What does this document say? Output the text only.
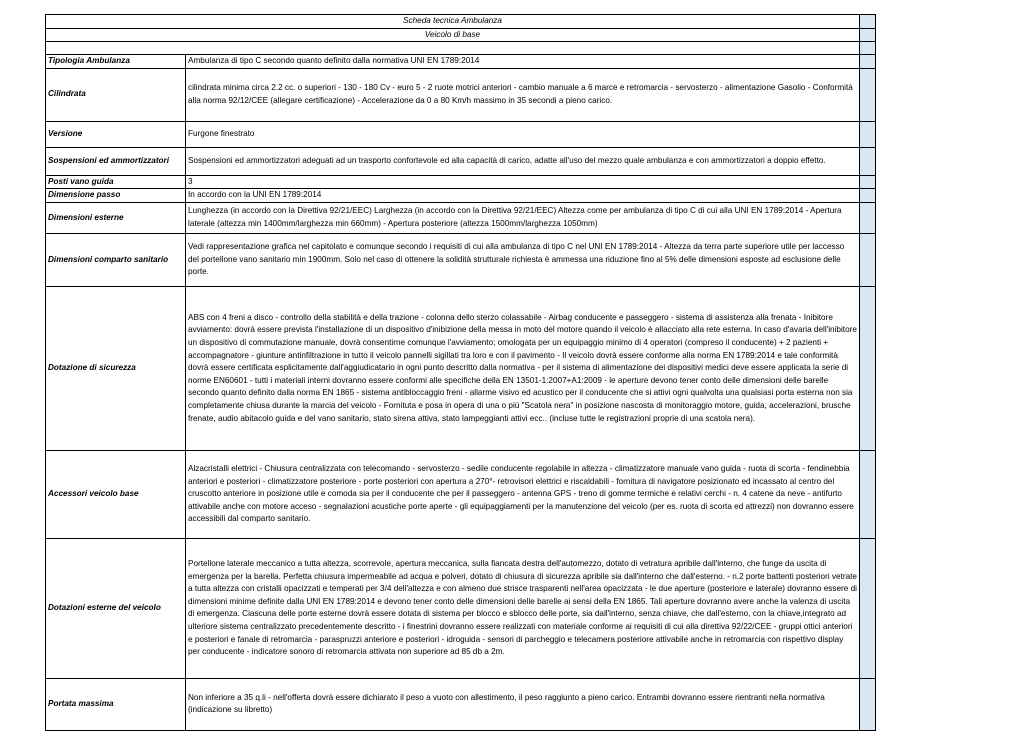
Scheda tecnica Ambulanza		
Veicolo di base		

Tipologia Ambulanza	Ambulanza di tipo C secondo quanto definito dalla normativa UNI EN 1789:2014	
Cilindrata	cilindrata minima circa 2.2 cc. o superiori - 130 - 180 Cv - euro 5 - 2 ruote motrici anteriori - cambio manuale a 6 marce e retromarcia - servosterzo - alimentazione Gasolio - Conformità alla norma 92/12/CEE (allegare certificazione) - Accelerazione da 0 a 80 Km/h massimo in 35 secondi a pieno carico.	
Versione	Furgone finestrato	
Sospensioni ed ammortizzatori	Sospensioni ed ammortizzatori adeguati ad un trasporto confortevole ed alla capacità di carico, adatte all'uso del mezzo quale ambulanza e con ammortizzatori a doppio effetto.	
Posti vano guida	3	
Dimensione passo	In accordo con la UNI EN 1789:2014	
Dimensioni esterne	Lunghezza (in accordo con la Direttiva 92/21/EEC) Larghezza (in accordo con la Direttiva 92/21/EEC) Altezza come per ambulanza di tipo C di cui alla UNI EN 1789:2014 - Apertura laterale (altezza min 1400mm/larghezza min 660mm) - Apertura posteriore (altezza 1500mm/larghezza 1050mm)	
Dimensioni comparto sanitario	Vedi rappresentazione grafica nel capitolato e comunque secondo i requisiti di cui alla ambulanza di tipo C nel UNI EN 1789:2014 - Altezza da terra parte superiore utile per laccesso del portellone vano sanitario min 1900mm. Solo nel caso di ottenere la solidità strutturale richiesta è ammessa una riduzione fino al 5% delle dimensioni esposte ad esclusione delle porte.	
Dotazione di sicurezza	ABS con 4 freni a disco - controllo della stabilità e della trazione - colonna dello sterzo colassabile - Airbag conducente e passeggero - sistema di assistenza alla frenata - Inibitore avviamento: dovrà essere prevista l'installazione di un dispositivo d'inibizione della messa in moto del motore quando il veicolo è allacciato alla rete esterna. In caso d'avaria dell'inibitore un dispositivo di commutazione manuale, dovrà consentirne comunque l'avviamento; omologata per un equipaggio minimo di 4 operatori (compreso il conducente) + 2 pazienti + accompagnatore - giunture antinfiltrazione in tutto il veicolo pannelli sigillati tra loro e con il pavimento - Il veicolo dovrà essere conforme alla norma EN 1789:2014 e tale conformità dovrà essere certificata esplicitamente dall'aggiudicatario in ogni punto descritto dalla normativa - per il sistema di alimentazione dei dispositivi medici deve essere applicata la serie di norme EN60601 - tutti i materiali interni dovranno essere conformi alle specifiche della EN 13501-1:2007+A1:2009 - le aperture devono tener conto delle dimensioni delle barelle secondo quanto definito dalla norma EN 1865 - sistema antibloccaggio freni - allarme visivo ed acustico per il conducente che si attivi ogni qualvolta una qualsiasi porta esterna non sia completamente chiusa durante la marcia del veicolo - Fornituta e posa in opera di una o più "Scatola nera" in posizione nascosta di monitoraggio motore, guida, accelerazioni, brusche frenate, audio abitacolo guida e del vano sanitario, stato sirena attiva, stato lampeggianti attivi ecc.. (incluse tutte le registrazioni proprie di una scatola nera).	
Accessori veicolo base	Alzacristalli elettrici - Chiusura centralizzata con telecomando - servosterzo - sedile conducente regolabile in altezza - climatizzatore manuale vano guida - ruota di scorta - fendinebbia anteriori e posteriori - climatizzatore posteriore - porte posteriori con apertura a 270°- retrovisori elettrici e riscaldabili - fornitura di navigatore posizionato ed incassato al centro del cruscotto anteriore in posizione utile e comoda sia per il conducente che per il passeggero - antenna GPS - treno di gomme termiche e relativi cerchi - n. 4 catene da neve - antifurto attivabile anche con motore acceso - segnalazioni acustiche porte aperte - gli equipaggiamenti per la manutenzione del veicolo (per es. ruota di scorta ed attrezzi) non dovranno essere accessibili dal comparto sanitario.	
Dotazioni esterne del veicolo	Portellone laterale meccanico a tutta altezza, scorrevole, apertura meccanica, sulla fiancata destra dell'automezzo, dotato di vetratura apribile dall'interno, che funge da uscita di emergenza per la barella. Perfetta chiusura impermeabile ad acqua e polveri, dotato di chiusura di sicurezza apribile sia dall'interno che dall'esterno. - n.2 porte battenti posteriori vetrate a tutta altezza con cristalli opacizzati e temperati per 3/4 dell'altezza e con almeno due strisce trasparenti nell'area opacizzata - le due aperture (posteriore e laterale) dovranno essere di dimensioni minime definite dalla UNI EN 1789:2014 e devono tener conto delle dimensioni delle barelle ai sensi della EN 1865. Tali aperture dovranno avere anche la valenza di uscita di emergenza. Ciascuna delle porte esterne dovrà essere dotata di sistema per blocco e sblocco delle porte, sia dall'interno, senza chiave, che dall'esterno, con la chiave,integrato ad ulteriore sistema centralizzato precedentemente descritto - i finestrini dovranno essere realizzati con materiale conforme ai requisiti di cui alla direttiva 92/22/CEE - gruppi ottici anteriori e posteriori e fanale di retromarcia - paraspruzzi anteriore e posteriori - idroguida - sensori di parcheggio e telecamera posteriore attivabile anche in retromarcia con rispettivo display per conducente - indicatore sonoro di retromarcia attivata non superiore ad 85 db a 2m.	
Portata massima	Non inferiore a 35 q.li - nell'offerta dovrà essere dichiarato il peso a vuoto con allestimento, il peso raggiunto a pieno carico. Entrambi dovranno essere rientranti nella normativa (indicazione su libretto)	
